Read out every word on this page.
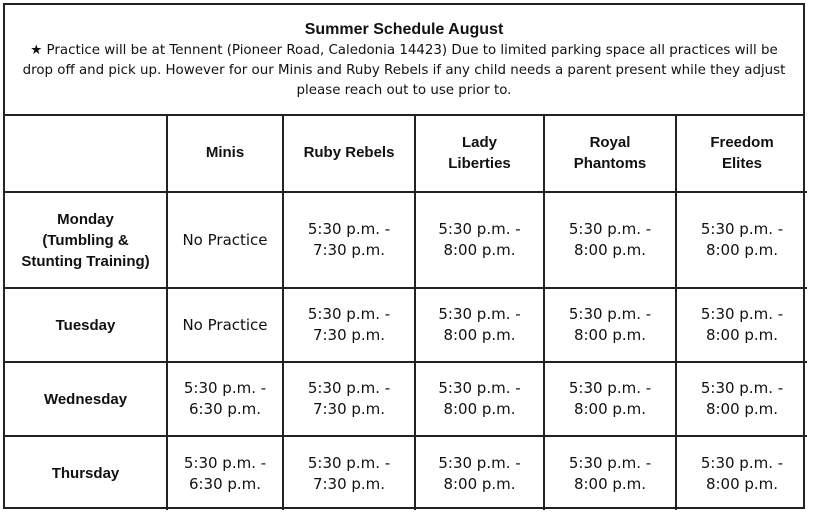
Summer Schedule August
★ Practice will be at Tennent (Pioneer Road, Caledonia 14423) Due to limited parking space all practices will be drop off and pick up. However for our Minis and Ruby Rebels if any child needs a parent present while they adjust please reach out to use prior to.

	Minis	Ruby Rebels	Lady
Liberties	Royal
Phantoms	Freedom
Elites

Monday
(Tumbling &
Stunting Training)	No Practice	5:30 p.m. -
7:30 p.m.	5:30 p.m. -
8:00 p.m.	5:30 p.m. -
8:00 p.m.	5:30 p.m. -
8:00 p.m.

Tuesday	No Practice	5:30 p.m. -
7:30 p.m.	5:30 p.m. -
8:00 p.m.	5:30 p.m. -
8:00 p.m.	5:30 p.m. -
8:00 p.m.

Wednesday	5:30 p.m. -
6:30 p.m.	5:30 p.m. -
7:30 p.m.	5:30 p.m. -
8:00 p.m.	5:30 p.m. -
8:00 p.m.	5:30 p.m. -
8:00 p.m.

Thursday	5:30 p.m. -
6:30 p.m.	5:30 p.m. -
7:30 p.m.	5:30 p.m. -
8:00 p.m.	5:30 p.m. -
8:00 p.m.	5:30 p.m. -
8:00 p.m.
